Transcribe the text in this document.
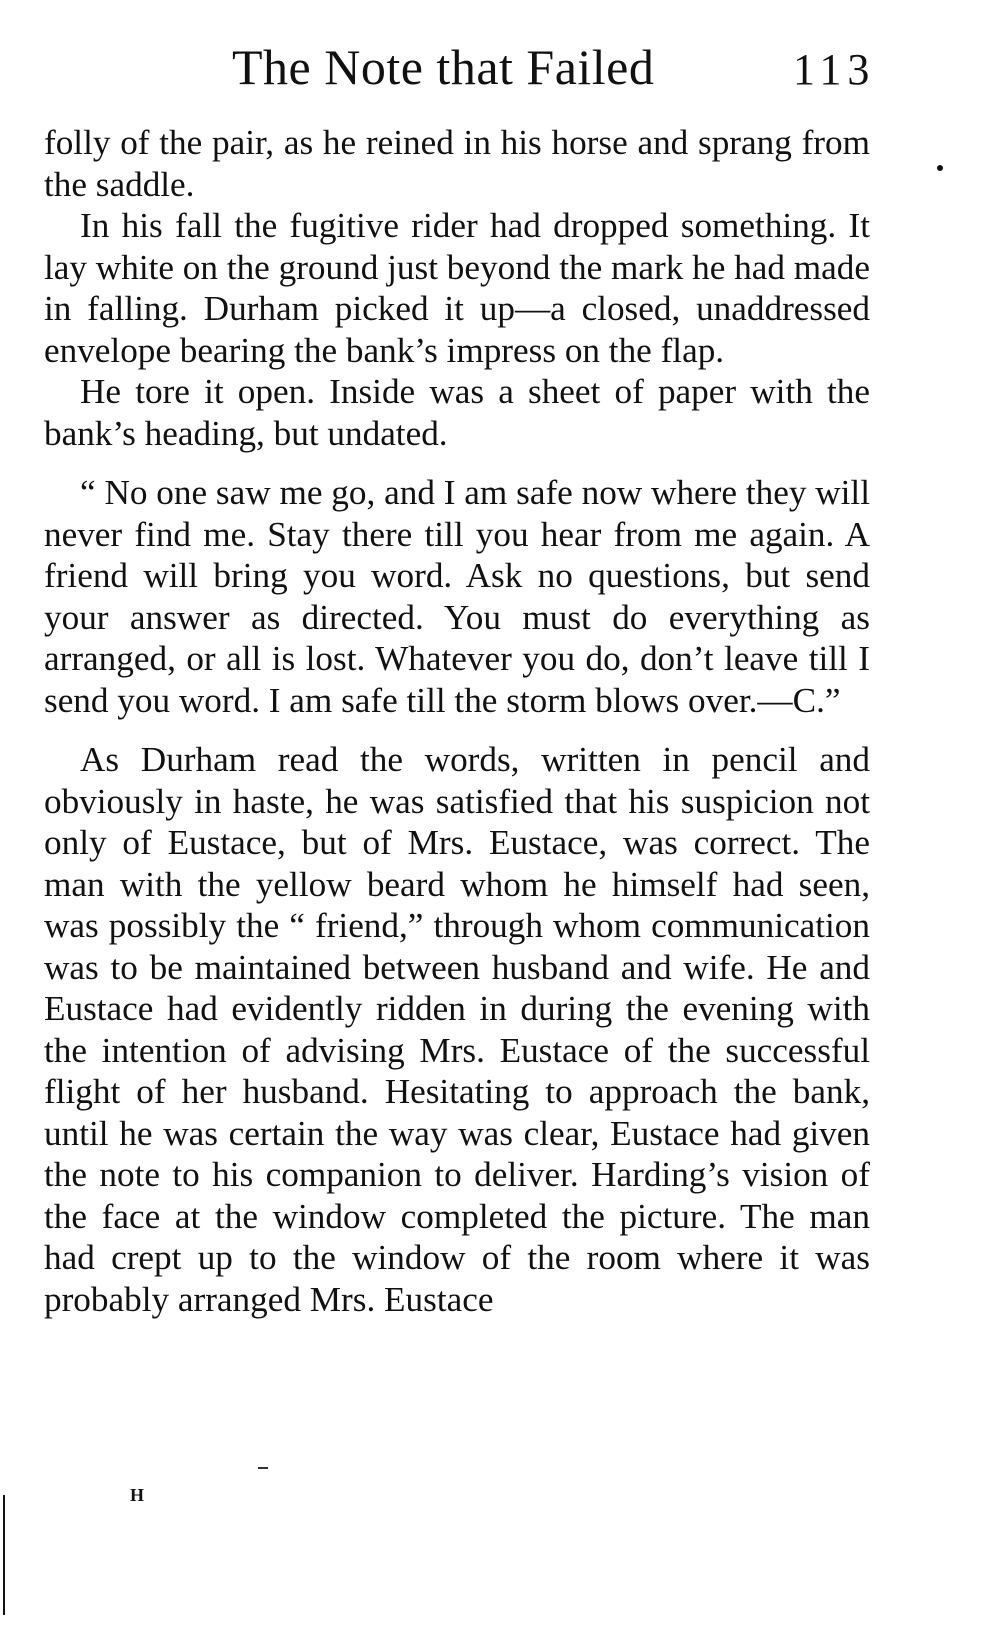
The Note that Failed	113

folly of the pair, as he reined in his horse and sprang from the saddle.

In his fall the fugitive rider had dropped something. It lay white on the ground just beyond the mark he had made in falling. Durham picked it up—a closed, unaddressed envelope bearing the bank’s impress on the flap.

He tore it open. Inside was a sheet of paper with the bank’s heading, but undated.

“ No one saw me go, and I am safe now where they will never find me. Stay there till you hear from me again. A friend will bring you word. Ask no questions, but send your answer as directed. You must do everything as arranged, or all is lost. Whatever you do, don’t leave till I send you word. I am safe till the storm blows over.—C.”

As Durham read the words, written in pencil and obviously in haste, he was satisfied that his suspicion not only of Eustace, but of Mrs. Eustace, was correct. The man with the yellow beard whom he himself had seen, was possibly the “ friend,” through whom communication was to be maintained between husband and wife. He and Eustace had evidently ridden in during the evening with the intention of advising Mrs. Eustace of the successful flight of her husband. Hesitating to approach the bank, until he was certain the way was clear, Eustace had given the note to his companion to deliver. Harding’s vision of the face at the window completed the picture. The man had crept up to the window of the room where it was probably arranged Mrs. Eustace

H
